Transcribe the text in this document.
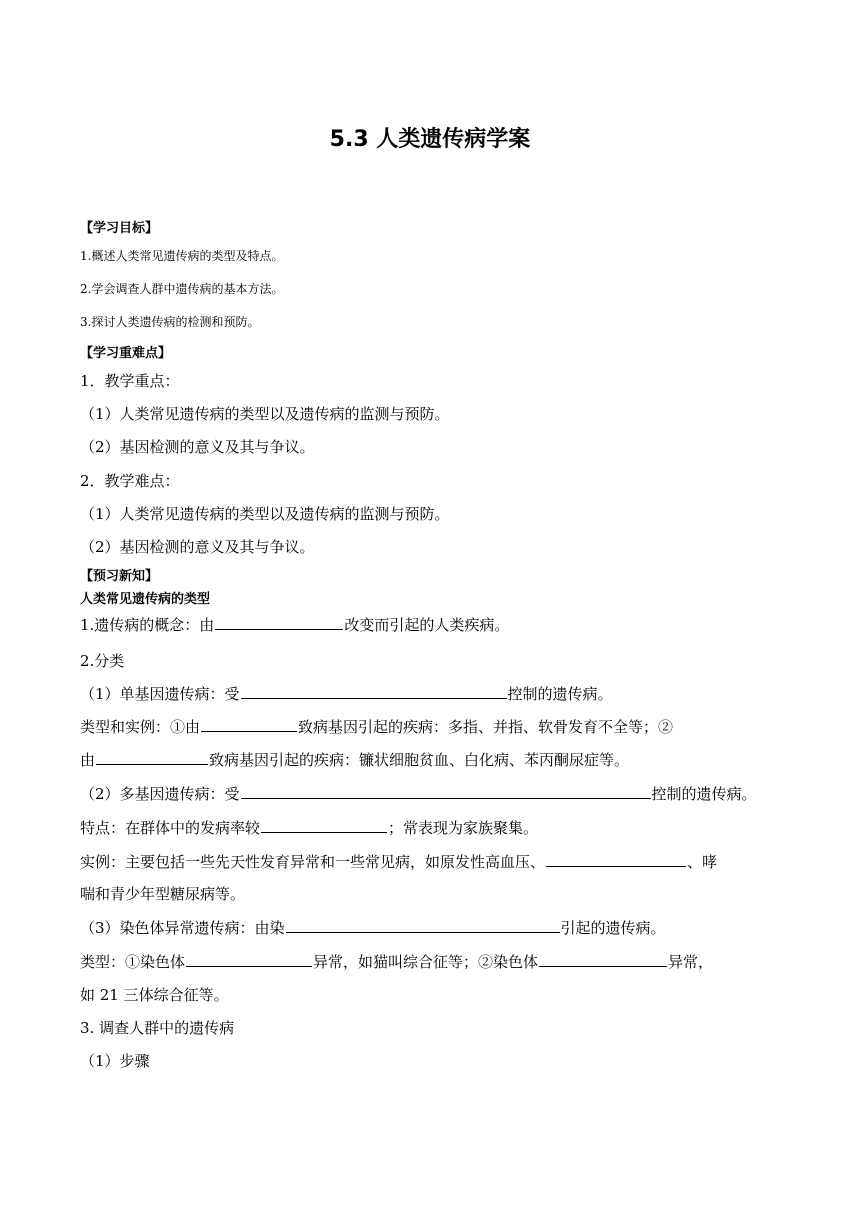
5.3 人类遗传病学案
【学习目标】
1.概述人类常见遗传病的类型及特点。
2.学会调查人群中遗传病的基本方法。
3.探讨人类遗传病的检测和预防。
【学习重难点】
1．教学重点：
（1）人类常见遗传病的类型以及遗传病的监测与预防。
（2）基因检测的意义及其与争议。
2．教学难点：
（1）人类常见遗传病的类型以及遗传病的监测与预防。
（2）基因检测的意义及其与争议。
【预习新知】
人类常见遗传病的类型
1.遗传病的概念：由	改变而引起的人类疾病。
2.分类
（1）单基因遗传病：受	控制的遗传病。
类型和实例：①由	致病基因引起的疾病：多指、并指、软骨发育不全等；②
由	致病基因引起的疾病：镰状细胞贫血、白化病、苯丙酮尿症等。
（2）多基因遗传病：受	控制的遗传病。
特点：在群体中的发病率较	；常表现为家族聚集。
实例：主要包括一些先天性发育异常和一些常见病，如原发性高血压、	、哮
喘和青少年型糖尿病等。
（3）染色体异常遗传病：由染	引起的遗传病。
类型：①染色体	异常，如猫叫综合征等；②染色体	异常，
如 21 三体综合征等。
3. 调查人群中的遗传病
（1）步骤
